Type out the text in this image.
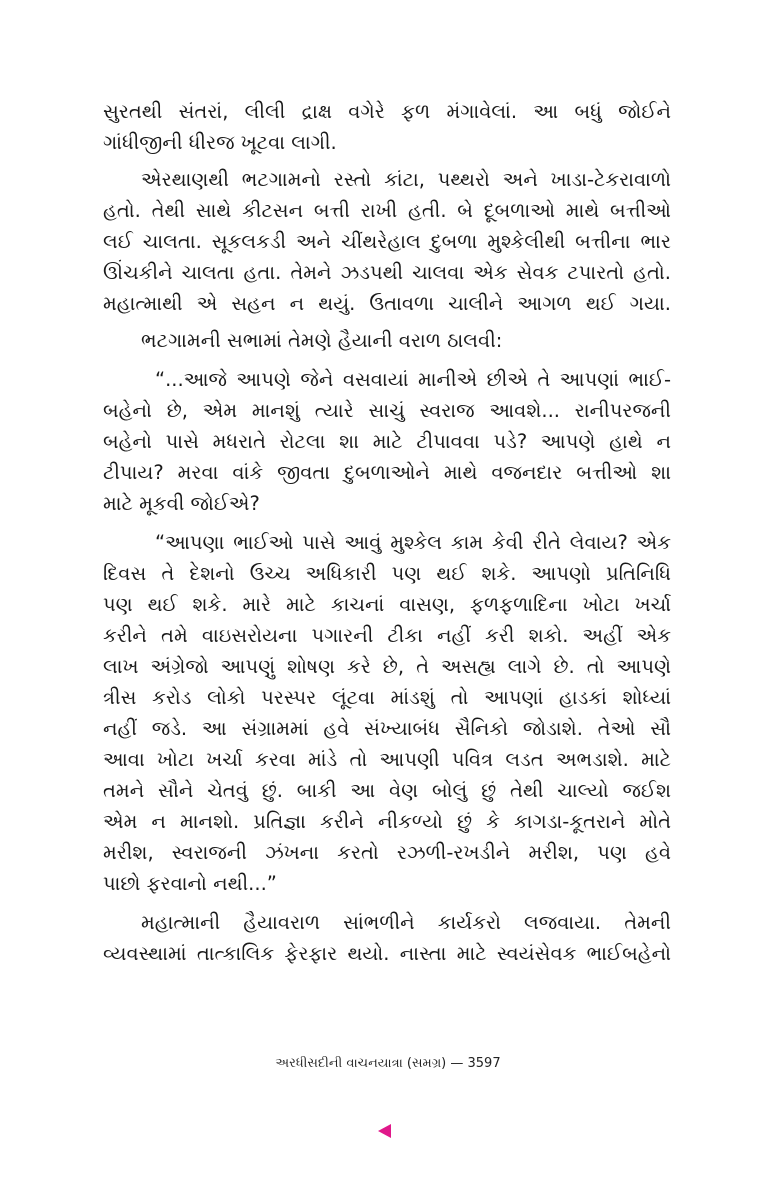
સુરતથી સંતરાં, લીલી દ્રાક્ષ વગેરે ફળ મંગાવેલાં. આ બધું જોઈને
ગાંધીજીની ધીરજ ખૂટવા લાગી.

એરથાણથી ભટગામનો રસ્તો કાંટા, પથ્થરો અને ખાડા-ટેકરાવાળો
હતો. તેથી સાથે કીટસન બત્તી રાખી હતી. બે દૂબળાઓ માથે બત્તીઓ
લઈ ચાલતા. સૂકલકડી અને ચીંથરેહાલ દુબળા મુશ્કેલીથી બત્તીના ભાર
ઊંચકીને ચાલતા હતા. તેમને ઝડપથી ચાલવા એક સેવક ટપારતો હતો.
મહાત્માથી એ સહન ન થયું. ઉતાવળા ચાલીને આગળ થઈ ગયા.

ભટગામની સભામાં તેમણે હૈયાની વરાળ ઠાલવી:

“...આજે આપણે જેને વસવાયાં માનીએ છીએ તે આપણાં ભાઈ-
બહેનો છે, એમ માનશું ત્યારે સાચું સ્વરાજ આવશે... રાનીપરજની
બહેનો પાસે મધરાતે રોટલા શા માટે ટીપાવવા પડે? આપણે હાથે ન
ટીપાય? મરવા વાંકે જીવતા દુબળાઓને માથે વજનદાર બત્તીઓ શા
માટે મૂકવી જોઈએ?

“આપણા ભાઈઓ પાસે આવું મુશ્કેલ કામ કેવી રીતે લેવાય? એક
દિવસ તે દેશનો ઉચ્ચ અધિકારી પણ થઈ શકે. આપણો પ્રતિનિધિ
પણ થઈ શકે. મારે માટે કાચનાં વાસણ, ફળફળાદિના ખોટા ખર્ચા
કરીને તમે વાઇસરોયના પગારની ટીકા નહીં કરી શકો. અહીં એક
લાખ અંગ્રેજો આપણું શોષણ કરે છે, તે અસહ્ય લાગે છે. તો આપણે
ત્રીસ કરોડ લોકો પરસ્પર લૂંટવા માંડશું તો આપણાં હાડકાં શોધ્યાં
નહીં જડે. આ સંગ્રામમાં હવે સંખ્યાબંધ સૈનિકો જોડાશે. તેઓ સૌ
આવા ખોટા ખર્ચા કરવા માંડે તો આપણી પવિત્ર લડત અભડાશે. માટે
તમને સૌને ચેતવું છું. બાકી આ વેણ બોલું છું તેથી ચાલ્યો જઈશ
એમ ન માનશો. પ્રતિજ્ઞા કરીને નીકળ્યો છું કે કાગડા-કૂતરાને મોતે
મરીશ, સ્વરાજની ઝંખના કરતો રઝળી-રખડીને મરીશ, પણ હવે
પાછો ફરવાનો નથી...”

મહાત્માની હૈયાવરાળ સાંભળીને કાર્યકરો લજવાયા. તેમની
વ્યવસ્થામાં તાત્કાલિક ફેરફાર થયો. નાસ્તા માટે સ્વયંસેવક ભાઈબહેનો

અરધીસદીની વાચનયાત્રા (સમગ્ર) — 3597
